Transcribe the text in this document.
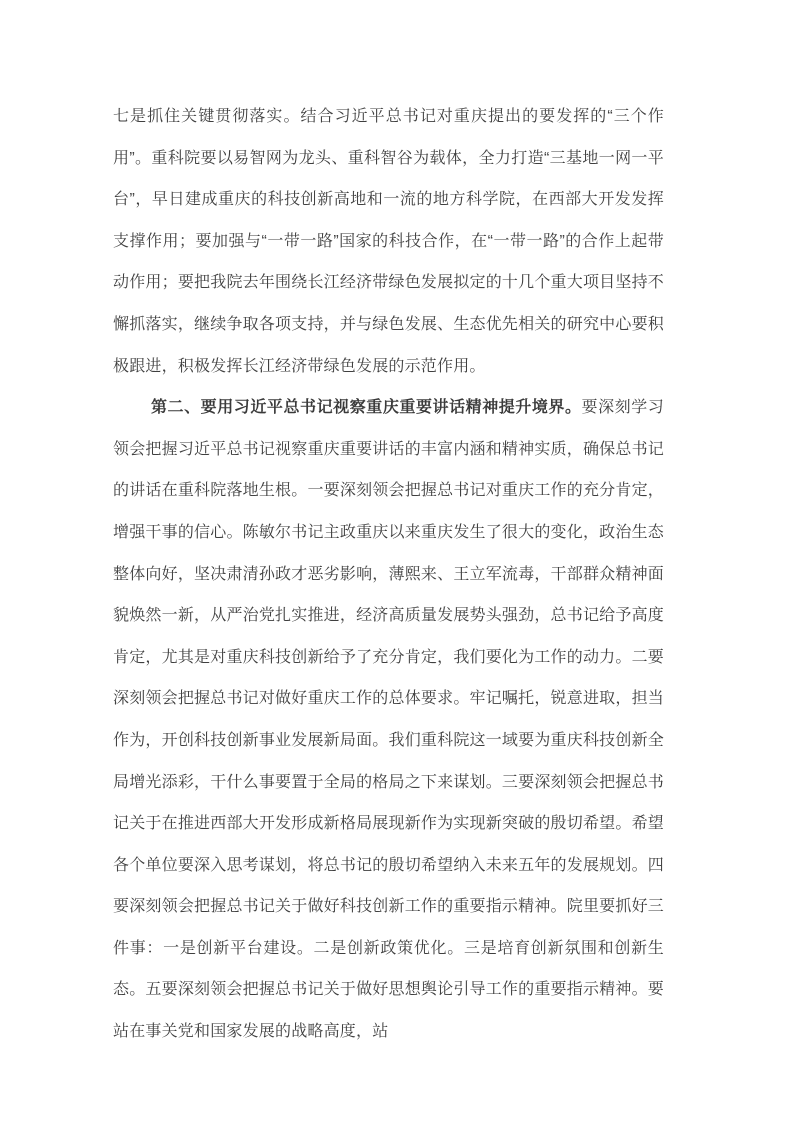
七是抓住关键贯彻落实。结合习近平总书记对重庆提出的要发挥的“三个作用”。重科院要以易智网为龙头、重科智谷为载体，全力打造“三基地一网一平台”，早日建成重庆的科技创新高地和一流的地方科学院，在西部大开发发挥支撑作用；要加强与“一带一路”国家的科技合作，在“一带一路”的合作上起带动作用；要把我院去年围绕长江经济带绿色发展拟定的十几个重大项目坚持不懈抓落实，继续争取各项支持，并与绿色发展、生态优先相关的研究中心要积极跟进，积极发挥长江经济带绿色发展的示范作用。

第二、要用习近平总书记视察重庆重要讲话精神提升境界。要深刻学习领会把握习近平总书记视察重庆重要讲话的丰富内涵和精神实质，确保总书记的讲话在重科院落地生根。一要深刻领会把握总书记对重庆工作的充分肯定，增强干事的信心。陈敏尔书记主政重庆以来重庆发生了很大的变化，政治生态整体向好，坚决肃清孙政才恶劣影响，薄熙来、王立军流毒，干部群众精神面貌焕然一新，从严治党扎实推进，经济高质量发展势头强劲，总书记给予高度肯定，尤其是对重庆科技创新给予了充分肯定，我们要化为工作的动力。二要深刻领会把握总书记对做好重庆工作的总体要求。牢记嘱托，锐意进取，担当作为，开创科技创新事业发展新局面。我们重科院这一域要为重庆科技创新全局增光添彩，干什么事要置于全局的格局之下来谋划。三要深刻领会把握总书记关于在推进西部大开发形成新格局展现新作为实现新突破的殷切希望。希望各个单位要深入思考谋划，将总书记的殷切希望纳入未来五年的发展规划。四要深刻领会把握总书记关于做好科技创新工作的重要指示精神。院里要抓好三件事：一是创新平台建设。二是创新政策优化。三是培育创新氛围和创新生态。五要深刻领会把握总书记关于做好思想舆论引导工作的重要指示精神。要站在事关党和国家发展的战略高度，站
